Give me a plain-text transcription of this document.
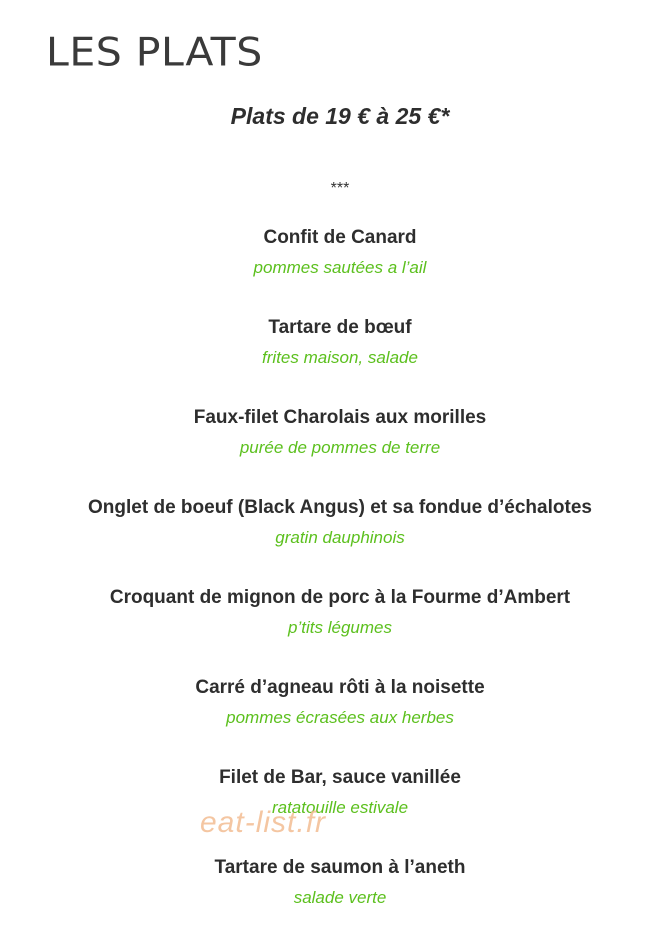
LES PLATS
Plats de 19 € à 25 €*
***
Confit de Canard
pommes sautées a l’ail
Tartare de bœuf
frites maison, salade
Faux-filet Charolais aux morilles
purée de pommes de terre
Onglet de boeuf (Black Angus) et sa fondue d’échalotes
gratin dauphinois
Croquant de mignon de porc à la Fourme d’Ambert
p’tits légumes
Carré d’agneau rôti à la noisette
pommes écrasées aux herbes
Filet de Bar, sauce vanillée
ratatouille estivale
Tartare de saumon à l’aneth
salade verte
eat-list.fr
